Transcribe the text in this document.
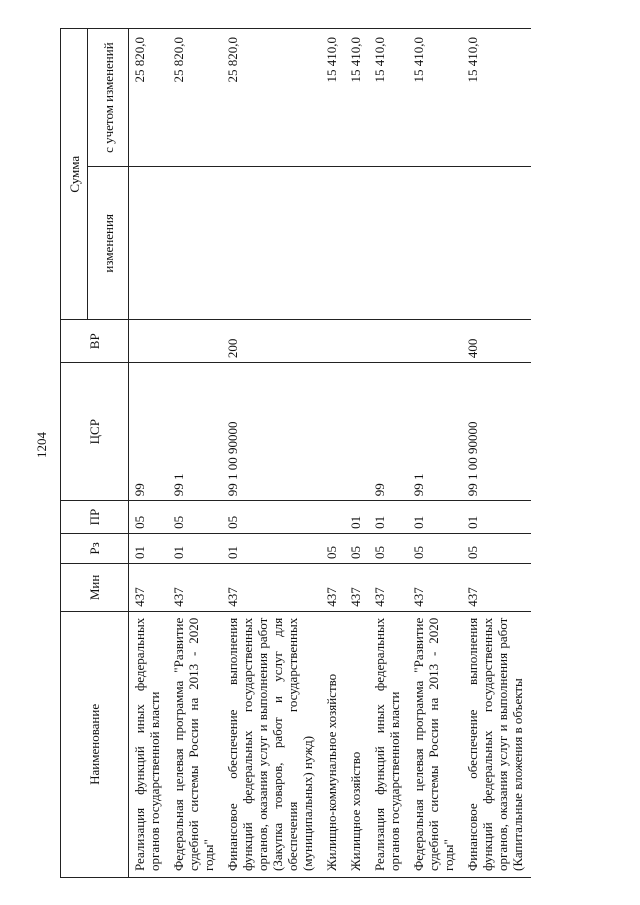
1204
Наименование	Мин	Рз	ПР	ЦСР	ВР	Сумма	
						изменения	с учетом изменений
Реализация функций иных федеральных органов государственной власти	437	01	05	99			25 820,0
Федеральная целевая программа "Развитие судебной системы России на 2013 - 2020 годы"	437	01	05	99 1			25 820,0
Финансовое обеспечение выполнения функций федеральных государственных органов, оказания услуг и выполнения работ (Закупка товаров, работ и услуг для обеспечения государственных (муниципальных) нужд)	437	01	05	99 1 00 90000	200		25 820,0
Жилищно-коммунальное хозяйство	437	05					15 410,0
Жилищное хозяйство	437	05	01				15 410,0
Реализация функций иных федеральных органов государственной власти	437	05	01	99			15 410,0
Федеральная целевая программа "Развитие судебной системы России на 2013 - 2020 годы"	437	05	01	99 1			15 410,0
Финансовое обеспечение выполнения функций федеральных государственных органов, оказания услуг и выполнения работ (Капитальные вложения в объекты	437	05	01	99 1 00 90000	400		15 410,0
